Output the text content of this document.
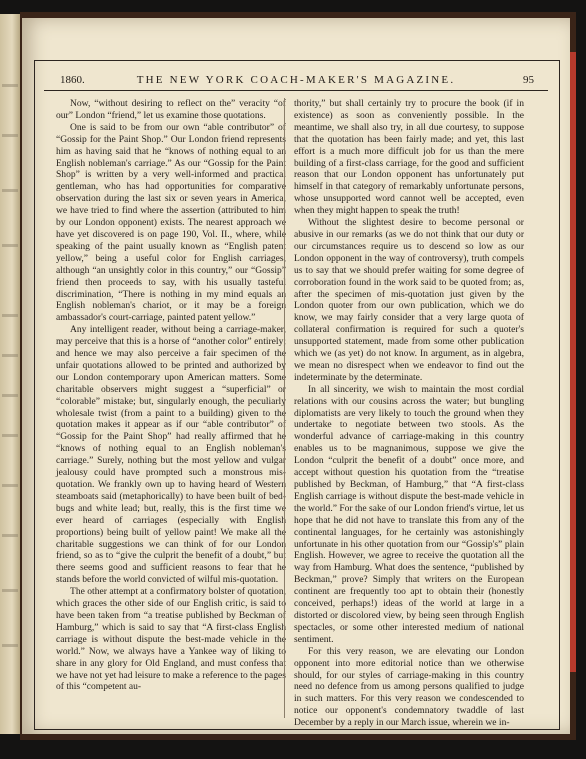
1860.	THE NEW YORK COACH-MAKER'S MAGAZINE.	95

Now, “without desiring to reflect on the” veracity “of our” London “friend,” let us examine those quotations.

One is said to be from our own “able contributor” of “Gossip for the Paint Shop.” Our London friend represents him as having said that he “knows of nothing equal to an English nobleman's carriage.” As our “Gossip for the Paint Shop” is written by a very well-informed and practical gentleman, who has had opportunities for comparative observation during the last six or seven years in America, we have tried to find where the assertion (attributed to him by our London opponent) exists. The nearest approach we have yet discovered is on page 190, Vol. II., where, while speaking of the paint usually known as “English patent yellow,” being a useful color for English carriages, although “an unsightly color in this country,” our “Gossip” friend then proceeds to say, with his usually tasteful discrimination, “There is nothing in my mind equals an English nobleman's chariot, or it may be a foreign ambassador's court-carriage, painted patent yellow.”

Any intelligent reader, without being a carriage-maker, may perceive that this is a horse of “another color” entirely; and hence we may also perceive a fair specimen of the unfair quotations allowed to be printed and authorized by our London contemporary upon American matters. Some charitable observers might suggest a “superficial” or “colorable” mistake; but, singularly enough, the peculiarly wholesale twist (from a paint to a building) given to the quotation makes it appear as if our “able contributor” of “Gossip for the Paint Shop” had really affirmed that he “knows of nothing equal to an English nobleman's carriage.” Surely, nothing but the most yellow and vulgar jealousy could have prompted such a monstrous mis-quotation. We frankly own up to having heard of Western steamboats said (metaphorically) to have been built of bed-bugs and white lead; but, really, this is the first time we ever heard of carriages (especially with English proportions) being built of yellow paint! We make all the charitable suggestions we can think of for our London friend, so as to “give the culprit the benefit of a doubt,” but there seems good and sufficient reasons to fear that he stands before the world convicted of wilful mis-quotation.

The other attempt at a confirmatory bolster of quotation, which graces the other side of our English critic, is said to have been taken from “a treatise published by Beckman of Hamburg,” which is said to say that “A first-class English carriage is without dispute the best-made vehicle in the world.” Now, we always have a Yankee way of liking to share in any glory for Old England, and must confess that we have not yet had leisure to make a reference to the pages of this “competent au-

thority,” but shall certainly try to procure the book (if in existence) as soon as conveniently possible. In the meantime, we shall also try, in all due courtesy, to suppose that the quotation has been fairly made; and yet, this last effort is a much more difficult job for us than the mere building of a first-class carriage, for the good and sufficient reason that our London opponent has unfortunately put himself in that category of remarkably unfortunate persons, whose unsupported word cannot well be accepted, even when they might happen to speak the truth!

Without the slightest desire to become personal or abusive in our remarks (as we do not think that our duty or our circumstances require us to descend so low as our London opponent in the way of controversy), truth compels us to say that we should prefer waiting for some degree of corroboration found in the work said to be quoted from; as, after the specimen of mis-quotation just given by the London quoter from our own publication, which we do know, we may fairly consider that a very large quota of collateral confirmation is required for such a quoter's unsupported statement, made from some other publication which we (as yet) do not know. In argument, as in algebra, we mean no disrespect when we endeavor to find out the indeterminate by the determinate.

In all sincerity, we wish to maintain the most cordial relations with our cousins across the water; but bungling diplomatists are very likely to touch the ground when they undertake to negotiate between two stools. As the wonderful advance of carriage-making in this country enables us to be magnanimous, suppose we give the London “culprit the benefit of a doubt” once more, and accept without question his quotation from the “treatise published by Beckman, of Hamburg,” that “A first-class English carriage is without dispute the best-made vehicle in the world.” For the sake of our London friend's virtue, let us hope that he did not have to translate this from any of the continental languages, for he certainly was astonishingly unfortunate in his other quotation from our “Gossip's” plain English. However, we agree to receive the quotation all the way from Hamburg. What does the sentence, “published by Beckman,” prove? Simply that writers on the European continent are frequently too apt to obtain their (honestly conceived, perhaps!) ideas of the world at large in a distorted or discolored view, by being seen through English spectacles, or some other interested medium of national sentiment.

For this very reason, we are elevating our London opponent into more editorial notice than we otherwise should, for our styles of carriage-making in this country need no defence from us among persons qualified to judge in such matters. For this very reason we condescended to notice our opponent's condemnatory twaddle of last December by a reply in our March issue, wherein we in-
